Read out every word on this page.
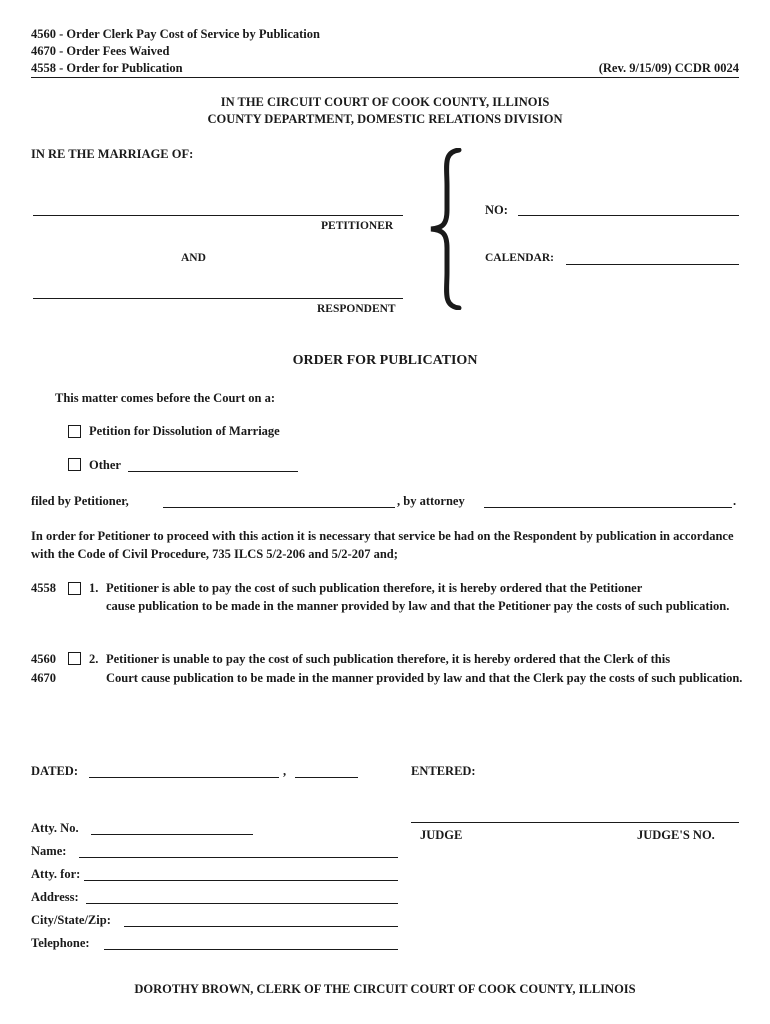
4560 - Order Clerk Pay Cost of Service by Publication
4670 - Order Fees Waived
4558 - Order for Publication	(Rev. 9/15/09) CCDR 0024
IN THE CIRCUIT COURT OF COOK COUNTY, ILLINOIS
COUNTY DEPARTMENT, DOMESTIC RELATIONS DIVISION
IN RE THE MARRIAGE OF:
PETITIONER
AND
RESPONDENT
NO:
CALENDAR:
ORDER FOR PUBLICATION
This matter comes before the Court on a:
Petition for Dissolution of Marriage
Other
filed by Petitioner,	, by attorney	.
In order for Petitioner to proceed with this action it is necessary that service be had on the Respondent by publication in accordance with the Code of Civil Procedure, 735 ILCS 5/2-206 and 5/2-207 and;
4558	1. Petitioner is able to pay the cost of such publication therefore, it is hereby ordered that the Petitioner
cause publication to be made in the manner provided by law and that the Petitioner pay the costs of such publication.
4560	2. Petitioner is unable to pay the cost of such publication therefore, it is hereby ordered that the Clerk of this
4670	Court cause publication to be made in the manner provided by law and that the Clerk pay the costs of such publication.
DATED:	,	ENTERED:
JUDGE	JUDGE'S NO.
Atty. No.
Name:
Atty. for:
Address:
City/State/Zip:
Telephone:
DOROTHY BROWN, CLERK OF THE CIRCUIT COURT OF COOK COUNTY, ILLINOIS
